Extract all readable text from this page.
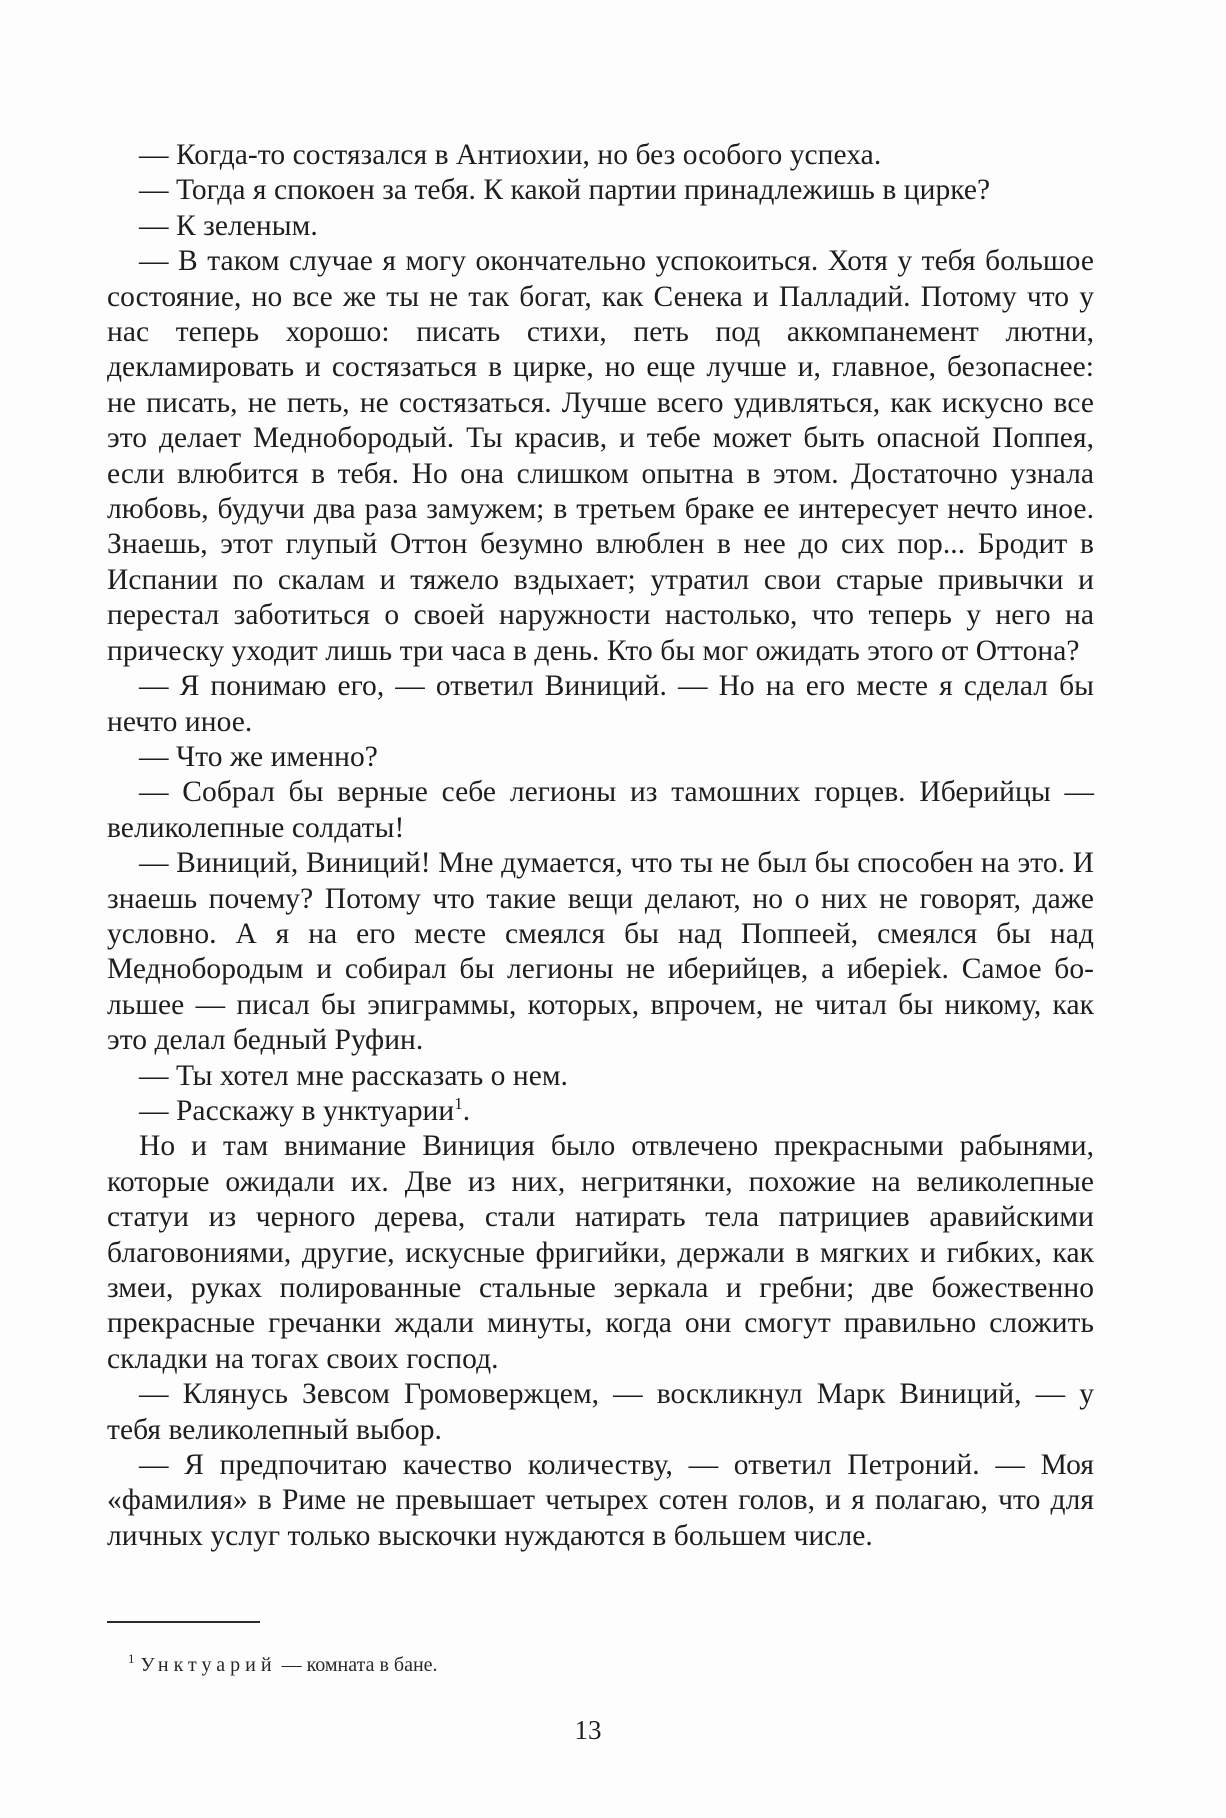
— Когда-то состязался в Антиохии, но без особого успеха.

— Тогда я спокоен за тебя. К какой партии принадлежишь в цирке?

— К зеленым.

— В таком случае я могу окончательно успокоиться. Хотя у тебя большое состояние, но все же ты не так богат, как Сенека и Палладий. Потому что у нас теперь хорошо: писать стихи, петь под аккомпанемент лютни, декламировать и состязаться в цирке, но еще лучше и, главное, безопаснее: не писать, не петь, не состязаться. Лучше всего удивляться, как искусно все это делает Меднобородый. Ты красив, и тебе может быть опасной Поппея, если влюбится в тебя. Но она слишком опытна в этом. Достаточно узнала любовь, будучи два раза замужем; в третьем браке ее интересует нечто иное. Знаешь, этот глупый Оттон безумно влюблен в нее до сих пор... Бродит в Испании по скалам и тяжело вздыхает; утратил свои старые привычки и перестал заботиться о своей наружности настолько, что теперь у него на прическу уходит лишь три часа в день. Кто бы мог ожидать этого от Оттона?

— Я понимаю его, — ответил Виниций. — Но на его месте я сделал бы нечто иное.

— Что же именно?

— Собрал бы верные себе легионы из тамошних горцев. Иберийцы — великолепные солдаты!

— Виниций, Виниций! Мне думается, что ты не был бы способен на это. И знаешь почему? Потому что такие вещи делают, но о них не говорят, даже условно. А я на его месте смеялся бы над Поппеей, смеялся бы над Меднобородым и собирал бы легионы не иберийцев, а иберiek. Самое большее — писал бы эпиграммы, которых, впрочем, не читал бы никому, как это делал бедный Руфин.

— Ты хотел мне рассказать о нем.

— Расскажу в унктуарии$^1$.

Но и там внимание Виниция было отвлечено прекрасными рабынями, которые ожидали их. Две из них, негритянки, похожие на великолепные статуи из черного дерева, стали натирать тела патрициев аравийскими благовониями, другие, искусные фригийки, держали в мягких и гибких, как змеи, руках полированные стальные зеркала и гребни; две божественно прекрасные гречанки ждали минуты, когда они смогут правильно сложить складки на тогах своих господ.

— Клянусь Зевсом Громовержцем, — воскликнул Марк Виниций, — у тебя великолепный выбор.

— Я предпочитаю качество количеству, — ответил Петроний. — Моя «фамилия» в Риме не превышает четырех сотен голов, и я полагаю, что для личных услуг только выскочки нуждаются в большем числе.

$^1$ Унктуарий — комната в бане.
13
